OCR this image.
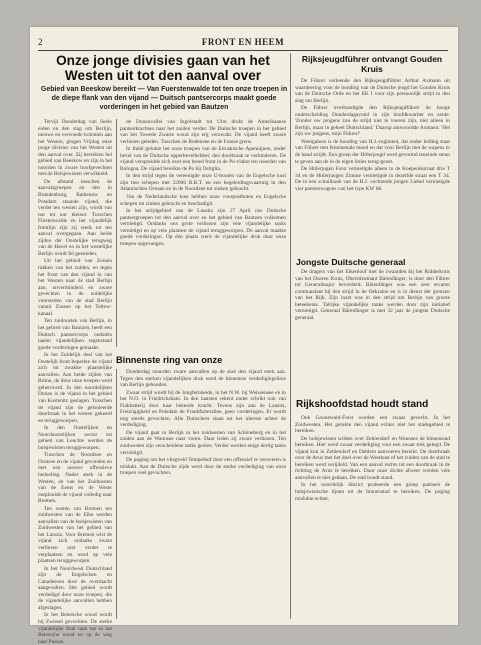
2	FRONT EN HEEM
Onze jonge divisies gaan van het Westen uit tot den aanval over
Gebied van Beeskow bereikt — Van Fuerstenwalde tot ten onze troepen in de diepe flank van den vijand — Duitsch pantsercorps maakt goede vorderingen in het gebied van Bautzen
Rijksjeugdführer ontvangt Gouden Kruis

Tervijl Donderdag van Seelo eiden en den slag om Berlijn, nieuwe en verwoede kolonien aan het Westen, gingen Vrijdag onze jonge divisies van het Westen uit den aanval over. Zij bereikten hel gebied van Beeskow en zijn in het noorden in zware hoofgevechten met de Bolsjewisten verwikkeld.

De afstand tusschen de aanvalsgroepen en den in Brandenburg, Rathenow en Potsdam staande vijand, die verder ten westen zijn, wordt van uur tot uur kleiner. Tusschen Fürstenwalde en het vijandelijk frontlijn zijn zij reeds tot ten aanval overgegaan. Aan beide zijden der Oostelijke terugweg van de Havel en in het westelijke Berlijn wordt fel gestreden.

Uit het gebied van Zossen rukken van het zuiden, en tegen het front van den vijand in van het Westen naar de stad Berlijn aan, onverminderd en zware gevechten in de zuidelijke voorsteden van de stad Berlijn vanuit Zossen op het Teltow-kanaal.

Ten zuidoosten van Berlijn, in het gebied van Bautzen, heeft een Duitsch pantsercorps ondanks taaien vijandelijken tegenstand goede vorderingen gemaakt.

In het Zuidelijk deel van het Oostelijk front beperkte de vijand zich tot zwakke plaatselijke aanvallen. Aan beide zijden van Brünn, de door onze troepen werd geheroverd. In den noordelijken Donau is de vijand in het gebied van Kostenitz geslagen. Tusschen de vijand zijn de geïsoleerde doorbraak in het westen gekeerd en teruggeworpen.

In den Oostelijken en Noordoostelijken sector tot gebied van Leuchte werden de bolsjewisten teruggeworpen.

Tusschen de Noordzee en Oostzee en de vijand gevonden en met een nieuwe offensieve bedoeling. Nader sterk in de Westen, en van het Zuidoosten van de Eems en de Weser ontplooide de vijand volledig naar Bremen.

Ten oosten van Bremen ten zuidwesten van de Elbe werden aanvallen van de bolsjewisten van Zuidwesten van het gebied van het Lausitz. Voor Bremen wist de vijand zich ondanks zware verliezen niet verder te verplaatsen en werd op vele plaatsen teruggeworpen.

In het Noordwest Duitschland zijn de Engelschen en Canadeezen door de overmacht aangevallen. Het gebied wordt verdedigd door onze troepen, die de vijandelijke aanvallen hebben afgeslagen.

In het Beiersche woud wordt bij Zwiesel gevochten. De sterke vijandelijke druk nam toe in het Beiersche woud en op de weg naar Passau.

de Donauvallei van Ingolstadt tot Ulm drukt de Amerikaanse pantserkrachten naar het zuiden verder. De Duitsche troepen in het gebied van het Tweede Zwarte woud zijn erg verzwakt. De vijand heeft zware verliezen geleden. Tusschen de Bodensee en de Franse grens.

In Italië gelukte het onze troepen van de Etruskische Apennijnen, onder bevel van de Duitsche opperbevelhebber, den doorbraak te verhinderen. De vijand verspreidde zich over een breed front in de Po-vlakte ten noorden van Bologna. De vijand bereikte de Po bij Ostiglia.

In den strijd tegen de vereenigde onze U-booten van de Engelsche kust zijn tien schepen met 32000 B.R.T. en een begeleidingsvaartuig in den Atlantischen Oceaan en in de Noordzee tot zinken gebracht.

Van de Nederlandsche kust hebben onze voorpostboten en Engelsche schepen tot zinken gebracht en beschadigd.

In het strijdgebied van de Lausitz zijn 27 April ons Duitsche pantsergroepen tot den aanval over en het gebied van Bautzen volkomen vernietigd. Ondanks ons grote verliezen zijn vele vijandelijke tanks vernietigd en op vele plaatsen de vijand teruggeworpen. De aanval maakte goede vorderingen. Op één plaats werd de vijandelijke druk door onze troepen opgevangen.

Binnenste ring van onze

Donderdag stuurden zware aanvallen op de stad den vijand sterk aan. Tegen den sterken vijandelijken druk werd de binnenste verdedigingslinie van Berlijn gehouden.

Zwaar strijd wordt bij de Jungfernheide, in het N.W. bij Weissensee en in het N.O. in Friedrichshain. In den laatsten rekent onder schrikt ook van Flakbatterij door haar bekende kracht. Tevens zijn aan de Lausitz, Freizügigheid en Potsdam de Frankfurterallee, geen vorderingen. Er wordt nog steeds gevochten. Alle Duitschers staan tot het uiterste achter de verdediging.

De vijand gaat in Berlijn in het zuidoosten van Schöneberg en in het zuiden aan de Wannsee naar voren. Daar leden zij zware verliezen. Ten zuidwesten zijn verscheidene tanks gezien. Verder werden enige dertig tanks vernietigd.

De poging om het vliegveld Tempelhof door een offensief te veroveren is mislukt. Aan de Duitsche zijde werd door de sterke verdediging van onze troepen veel gevochten.

De Führer verleende den Rijksjeugdführer Arthur Axmann uit waardeering voor de houding van de Duitsche jeugd het Gouden Kruis van de Duitsche Orde en het EK I voor zijn persoonlijk strijd in den slag om Berlijn.

De Führer overhandigde den Rijksjeugdführer de hooge onderscheiding Donderdagavond in zijn hoofdkwartier en zeide: 'Zonder uw jongens zou de strijd niet te voeren zijn, niet alleen in Berlijn, maar in geheel Duitschland.' Daarop antwoordde Axmann: 'Het zijn uw jongens, mijn Führer!'

Weergaloos is de houding van H.J.-regiment, dat onder leiding staat van Führer met fenomenale moed en dat voor Berlijn met de wapens in de hand strijdt. Een groep der Hitlerjeugd werd gevormd teneinde steun te geven aan de in de eigen linies terug-gezet.

De Hitlerjugen Forst vernietigde alleen in de Koepenikstraat drie T 34 en de Hitlerjungen Zimme vernietigde in dezelfde straat een T 34. De in een schuilhoek van de H.J. vochtende jongen Liebel vernietigde vier pantserwagens van het type KW 68.

Jongste Duitsche generaal

De dragers van het Eikenloof met de zwaarden bij het Ridderkruis van het IJzeren Kruis, Oberstleutnant Bärenfänger, is door den Führer tot Generalmajor bevorderd. Bärenfänger was een zeer ervaren commandant bij den strijd in de Oekraine en is in dienst der grenzen van het Rijk. Zijn inzet was in den strijd om Berlijn van groote beteekenis. Talrijke vijandelijke tanks werden door zijn initiatief vernietigd. Generaal Bärenfänger is met 32 jaar de jongste Duitsche generaal.

Rijkshoofdstad houdt stand

Ook Goonewald-Forst worden een zwaar gevecht. In het Zuidwesten. Het gelukte den vijand echter niet het stadsgebied te bereiken.

De bolsjewisten wilden over Zehlendorf en Wannsee de binnenstad bereiken. Hier werd zwaar verdediging voor een zwaar trek gelegd. De vijand kon in Zehlendorf en Dahlem aanvoeren bereikt. De doorbraak over de Avus met het doel over de Westkust of het zuiden van de stad te bereiken werd verijdeld. Van een aanval rechts tot een doorbraak in de richting de Avus te bereiken. Door onze dichte afweer werden vele aanvallen te niet gedaan. De stad houdt stand.

In het noordelijk district probeerde een groep pantsers de bolsjewistische lijnen tot de binnenstad te bereiken. De poging mislukte echter.
